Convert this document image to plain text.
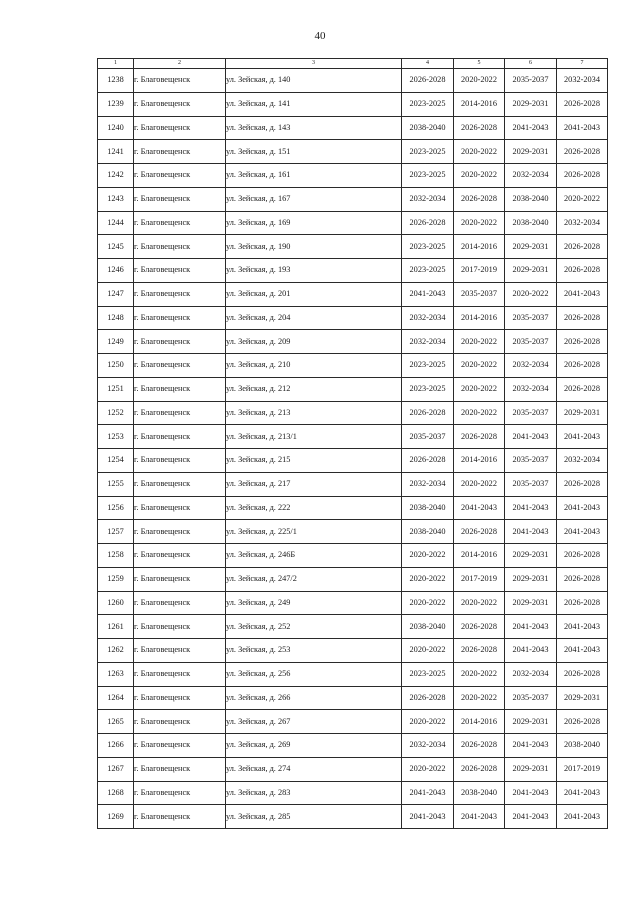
40
1	2	3	4	5	6	7
1238	г. Благовещенск	ул. Зейская, д. 140	2026-2028	2020-2022	2035-2037	2032-2034
1239	г. Благовещенск	ул. Зейская, д. 141	2023-2025	2014-2016	2029-2031	2026-2028
1240	г. Благовещенск	ул. Зейская, д. 143	2038-2040	2026-2028	2041-2043	2041-2043
1241	г. Благовещенск	ул. Зейская, д. 151	2023-2025	2020-2022	2029-2031	2026-2028
1242	г. Благовещенск	ул. Зейская, д. 161	2023-2025	2020-2022	2032-2034	2026-2028
1243	г. Благовещенск	ул. Зейская, д. 167	2032-2034	2026-2028	2038-2040	2020-2022
1244	г. Благовещенск	ул. Зейская, д. 169	2026-2028	2020-2022	2038-2040	2032-2034
1245	г. Благовещенск	ул. Зейская, д. 190	2023-2025	2014-2016	2029-2031	2026-2028
1246	г. Благовещенск	ул. Зейская, д. 193	2023-2025	2017-2019	2029-2031	2026-2028
1247	г. Благовещенск	ул. Зейская, д. 201	2041-2043	2035-2037	2020-2022	2041-2043
1248	г. Благовещенск	ул. Зейская, д. 204	2032-2034	2014-2016	2035-2037	2026-2028
1249	г. Благовещенск	ул. Зейская, д. 209	2032-2034	2020-2022	2035-2037	2026-2028
1250	г. Благовещенск	ул. Зейская, д. 210	2023-2025	2020-2022	2032-2034	2026-2028
1251	г. Благовещенск	ул. Зейская, д. 212	2023-2025	2020-2022	2032-2034	2026-2028
1252	г. Благовещенск	ул. Зейская, д. 213	2026-2028	2020-2022	2035-2037	2029-2031
1253	г. Благовещенск	ул. Зейская, д. 213/1	2035-2037	2026-2028	2041-2043	2041-2043
1254	г. Благовещенск	ул. Зейская, д. 215	2026-2028	2014-2016	2035-2037	2032-2034
1255	г. Благовещенск	ул. Зейская, д. 217	2032-2034	2020-2022	2035-2037	2026-2028
1256	г. Благовещенск	ул. Зейская, д. 222	2038-2040	2041-2043	2041-2043	2041-2043
1257	г. Благовещенск	ул. Зейская, д. 225/1	2038-2040	2026-2028	2041-2043	2041-2043
1258	г. Благовещенск	ул. Зейская, д. 246Б	2020-2022	2014-2016	2029-2031	2026-2028
1259	г. Благовещенск	ул. Зейская, д. 247/2	2020-2022	2017-2019	2029-2031	2026-2028
1260	г. Благовещенск	ул. Зейская, д. 249	2020-2022	2020-2022	2029-2031	2026-2028
1261	г. Благовещенск	ул. Зейская, д. 252	2038-2040	2026-2028	2041-2043	2041-2043
1262	г. Благовещенск	ул. Зейская, д. 253	2020-2022	2026-2028	2041-2043	2041-2043
1263	г. Благовещенск	ул. Зейская, д. 256	2023-2025	2020-2022	2032-2034	2026-2028
1264	г. Благовещенск	ул. Зейская, д. 266	2026-2028	2020-2022	2035-2037	2029-2031
1265	г. Благовещенск	ул. Зейская, д. 267	2020-2022	2014-2016	2029-2031	2026-2028
1266	г. Благовещенск	ул. Зейская, д. 269	2032-2034	2026-2028	2041-2043	2038-2040
1267	г. Благовещенск	ул. Зейская, д. 274	2020-2022	2026-2028	2029-2031	2017-2019
1268	г. Благовещенск	ул. Зейская, д. 283	2041-2043	2038-2040	2041-2043	2041-2043
1269	г. Благовещенск	ул. Зейская, д. 285	2041-2043	2041-2043	2041-2043	2041-2043
